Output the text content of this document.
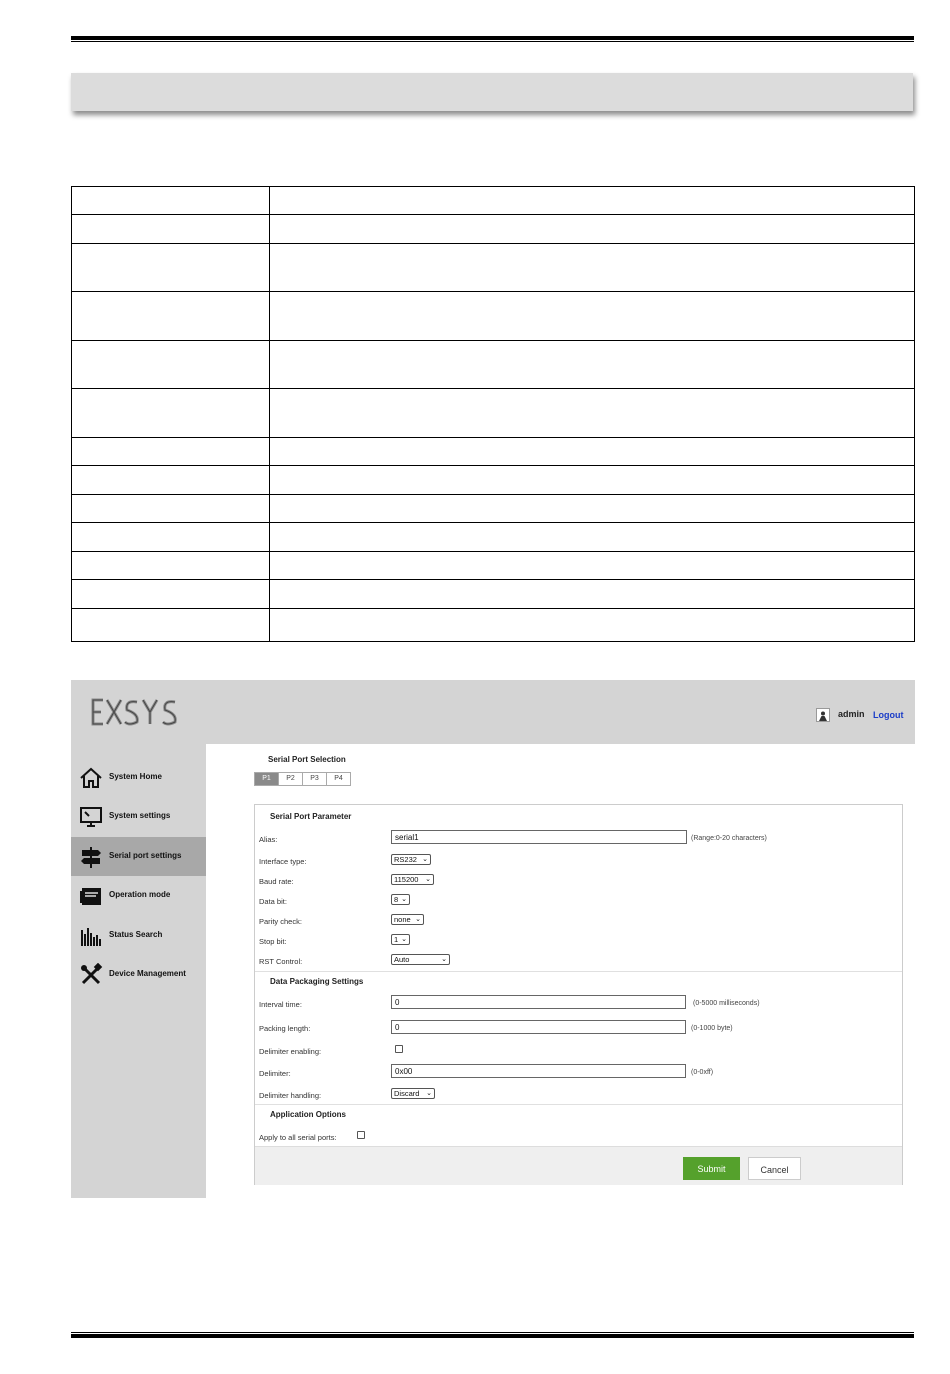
admin Logout
System Home
System settings
Serial port settings
Operation mode
Status Search
Device Management
Serial Port Selection
P1	P2	P3	P4
Serial Port Parameter
Alias:
serial1	(Range:0-20 characters)
Interface type:	RS232 ⌄
Baud rate:	115200 ⌄
Data bit:	8 ⌄
Parity check:	none ⌄
Stop bit:	1 ⌄
RST Control:	Auto	⌄
Data Packaging Settings
Interval time:
0	(0-5000 milliseconds)
Packing length:
0	(0-1000 byte)
Delimiter enabling:
Delimiter:
0x00	(0-0xff)
Delimiter handling:	Discard ⌄
Application Options
Apply to all serial ports:
Submit	Cancel
